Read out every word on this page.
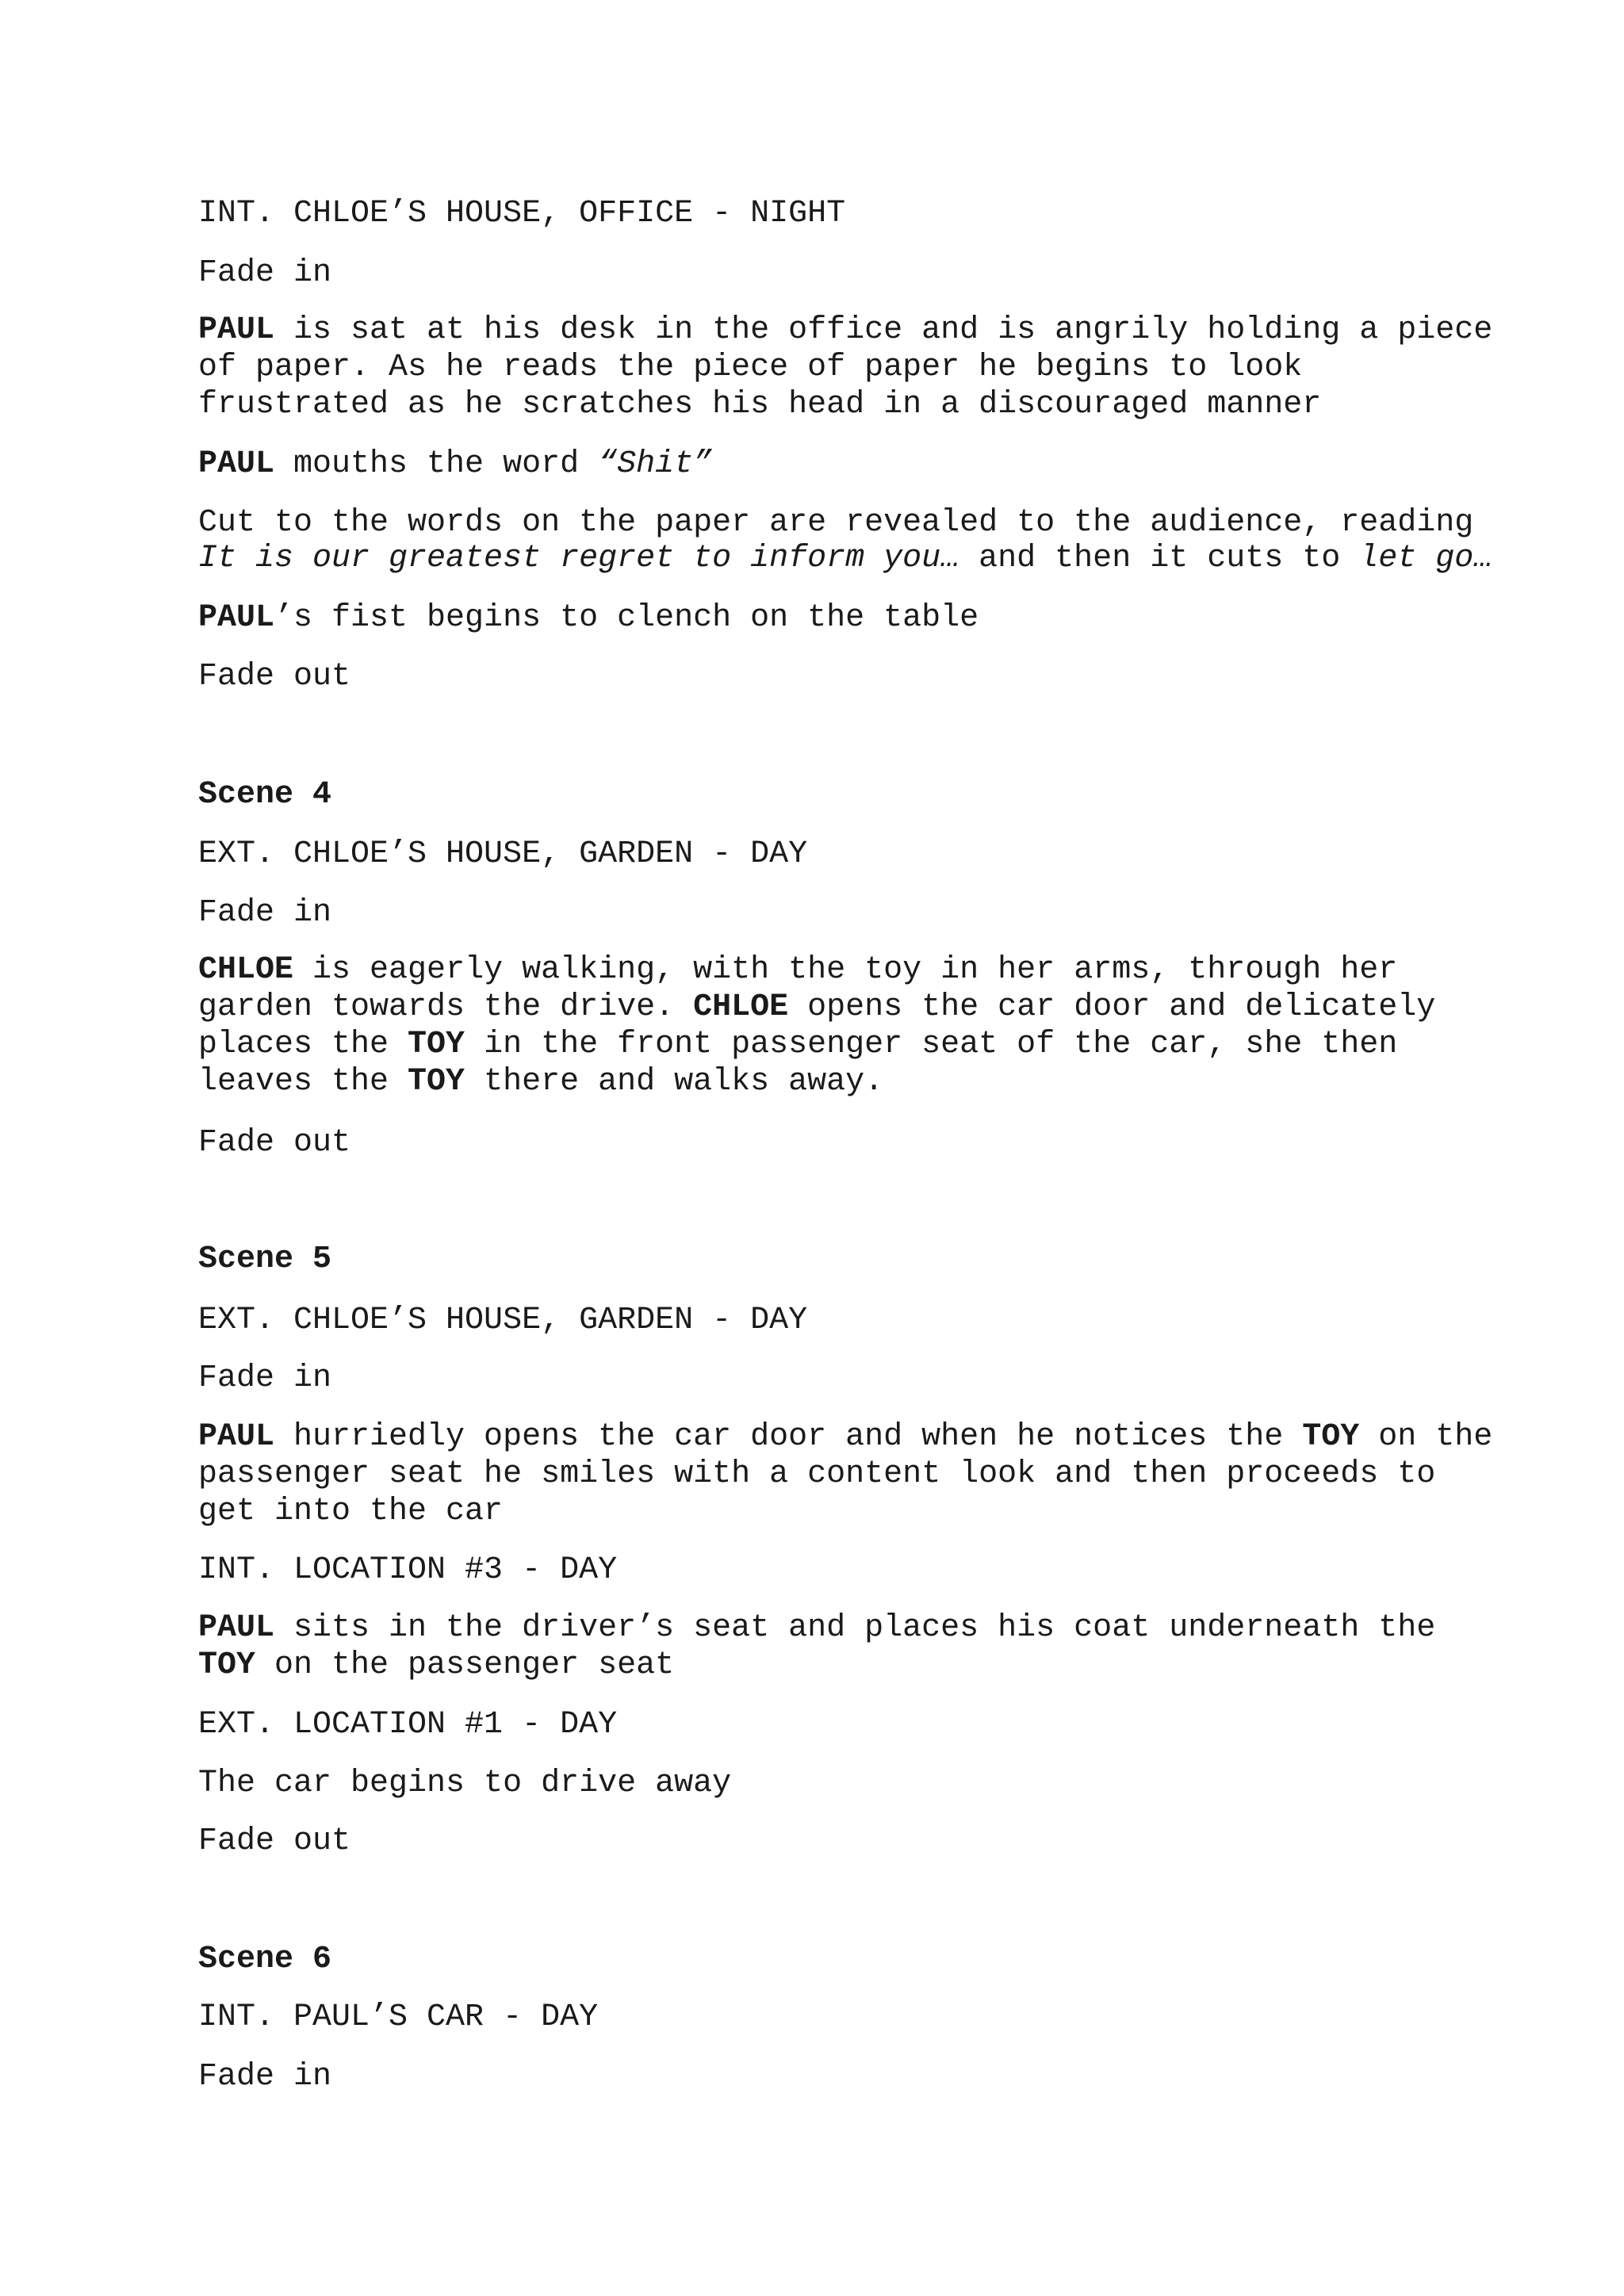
INT. CHLOE’S HOUSE, OFFICE - NIGHT

Fade in

PAUL is sat at his desk in the office and is angrily holding a piece

of paper. As he reads the piece of paper he begins to look

frustrated as he scratches his head in a discouraged manner

PAUL mouths the word “Shit”

Cut to the words on the paper are revealed to the audience, reading

It is our greatest regret to inform you… and then it cuts to let go…

PAUL’s fist begins to clench on the table

Fade out

Scene 4

EXT. CHLOE’S HOUSE, GARDEN - DAY

Fade in

CHLOE is eagerly walking, with the toy in her arms, through her

garden towards the drive. CHLOE opens the car door and delicately

places the TOY in the front passenger seat of the car, she then

leaves the TOY there and walks away.

Fade out

Scene 5

EXT. CHLOE’S HOUSE, GARDEN - DAY

Fade in

PAUL hurriedly opens the car door and when he notices the TOY on the

passenger seat he smiles with a content look and then proceeds to

get into the car

INT. LOCATION #3 - DAY

PAUL sits in the driver’s seat and places his coat underneath the

TOY on the passenger seat

EXT. LOCATION #1 - DAY

The car begins to drive away

Fade out

Scene 6

INT. PAUL’S CAR - DAY

Fade in
